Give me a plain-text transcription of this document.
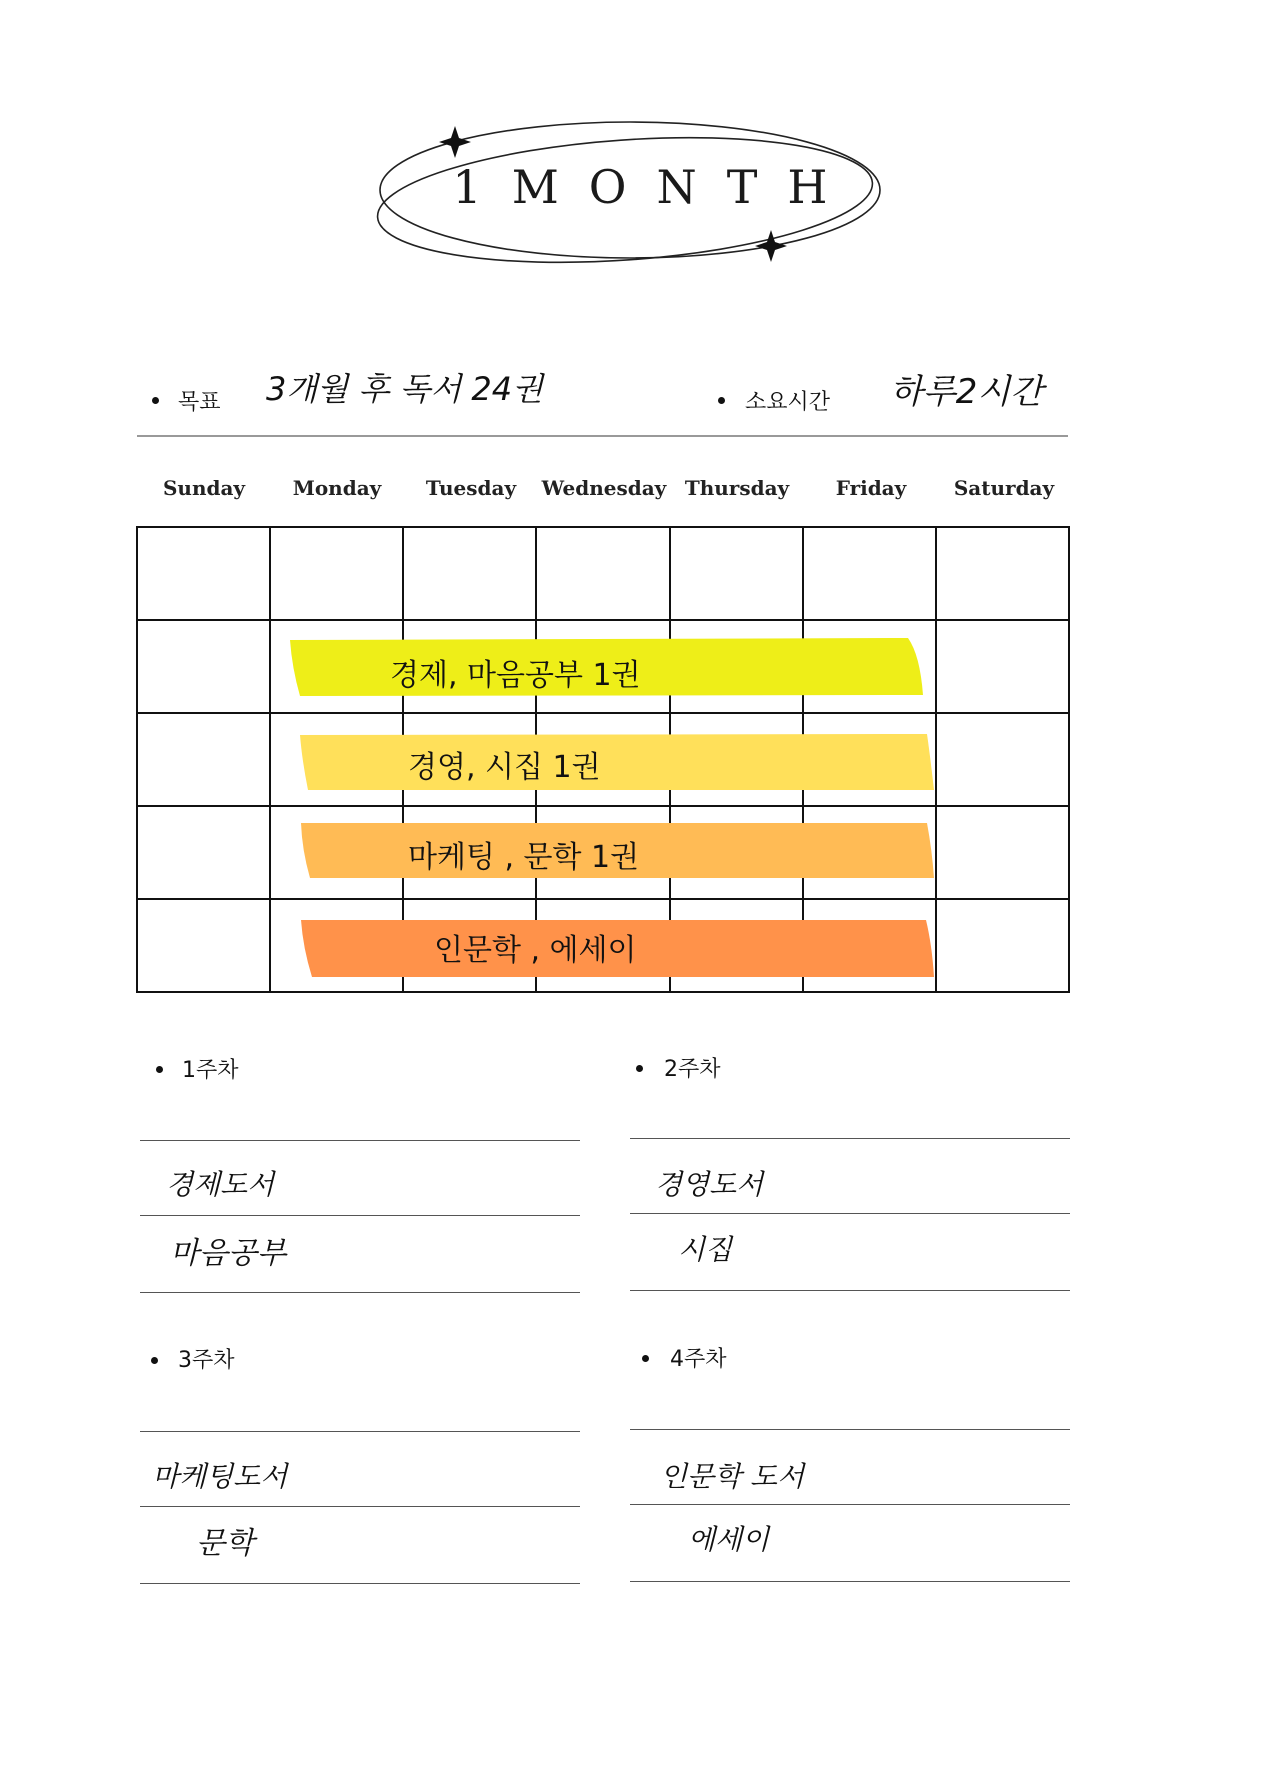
1MONTH
목표 3개월 후 독서 24권	소요시간 하루2시간
Sunday	Monday	Tuesday	Wednesday Thursday	Friday	Saturday
경제, 마음공부 1권
경영, 시집 1권
마케팅 , 문학 1권
인문학 , 에세이
1주차
경제도서
마음공부
2주차
경영도서
시집
3주차
마케팅도서
문학
4주차
인문학 도서
에세이
